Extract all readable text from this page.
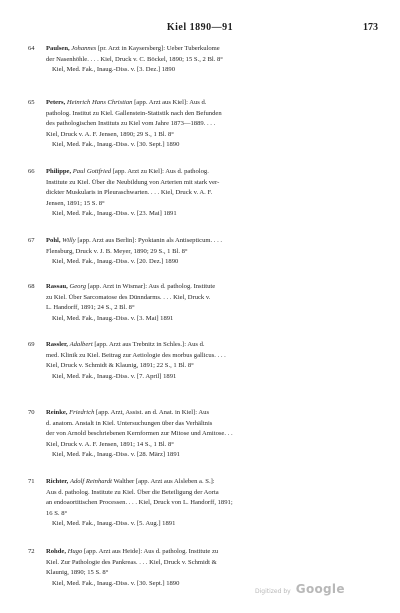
Kiel 1890—91	173
64	Paulsen, Johannes [pr. Arzt in Kaysersberg]: Ueber Tuberkulome
der Nasenhöhle. . . . Kiel, Druck v. C. Böckel, 1890; 15 S., 2 Bl. 8°
Kiel, Med. Fak., Inaug.-Diss. v. [3. Dez.] 1890
65	Peters, Heinrich Hans Christian [app. Arzt aus Kiel]: Aus d.
patholog. Institut zu Kiel. Gallenstein-Statistik nach den Befunden
des pathologischen Instituts zu Kiel vom Jahre 1873—1889. . . .
Kiel, Druck v. A. F. Jensen, 1890; 29 S., 1 Bl. 8°
Kiel, Med. Fak., Inaug.-Diss. v. [30. Sept.] 1890
66	Philippe, Paul Gottfried [app. Arzt zu Kiel]: Aus d. patholog.
Institute zu Kiel. Über die Neubildung von Arterien mit stark ver-
dickter Muskularis in Pleuraschwarten. . . . Kiel, Druck v. A. F.
Jensen, 1891; 15 S. 8°
Kiel, Med. Fak., Inaug.-Diss. v. [23. Mai] 1891
67	Pohl, Willy [app. Arzt aus Berlin]: Pyoktanin als Antisepticum. . . .
Flensburg, Druck v. J. B. Meyer, 1890; 29 S., 1 Bl. 8°
Kiel, Med. Fak., Inaug.-Diss. v. [20. Dez.] 1890
68	Rassau, Georg [app. Arzt in Wismar]: Aus d. patholog. Institute
zu Kiel. Über Sarcomatose des Dünndarms. . . . Kiel, Druck v.
L. Handorff, 1891; 24 S., 2 Bl. 8°
Kiel, Med. Fak., Inaug.-Diss. v. [3. Mai] 1891
69	Rassler, Adalbert [app. Arzt aus Trebnitz in Schles.]: Aus d.
med. Klinik zu Kiel. Beitrag zur Aetiologie des morbus gallicus. . . .
Kiel, Druck v. Schmidt & Klaunig, 1891; 22 S., 1 Bl. 8°
Kiel, Med. Fak., Inaug.-Diss. v. [7. April] 1891
70	Reinke, Friedrich [app. Arzt, Assist. an d. Anat. in Kiel]: Aus
d. anatom. Anstalt in Kiel. Untersuchungen über das Verhältnis
der von Arnold beschriebenen Kernformen zur Mitose und Amitose. . .
Kiel, Druck v. A. F. Jensen, 1891; 14 S., 1 Bl. 8°
Kiel, Med. Fak., Inaug.-Diss. v. [28. März] 1891
71	Richter, Adolf Reinhardt Walther [app. Arzt aus Alsleben a. S.]:
Aus d. patholog. Institute zu Kiel. Über die Beteiligung der Aorta
an endoaortitischen Processen. . . . Kiel, Druck von L. Handorff, 1891;
16 S. 8°
Kiel, Med. Fak., Inaug.-Diss. v. [5. Aug.] 1891
72	Rohde, Hugo [app. Arzt aus Heide]: Aus d. patholog. Institute zu
Kiel. Zur Pathologie des Pankreas. . . . Kiel, Druck v. Schmidt &
Klaunig, 1890; 15 S. 8°
Kiel, Med. Fak., Inaug.-Diss. v. [30. Sept.] 1890
Digitized by Google
